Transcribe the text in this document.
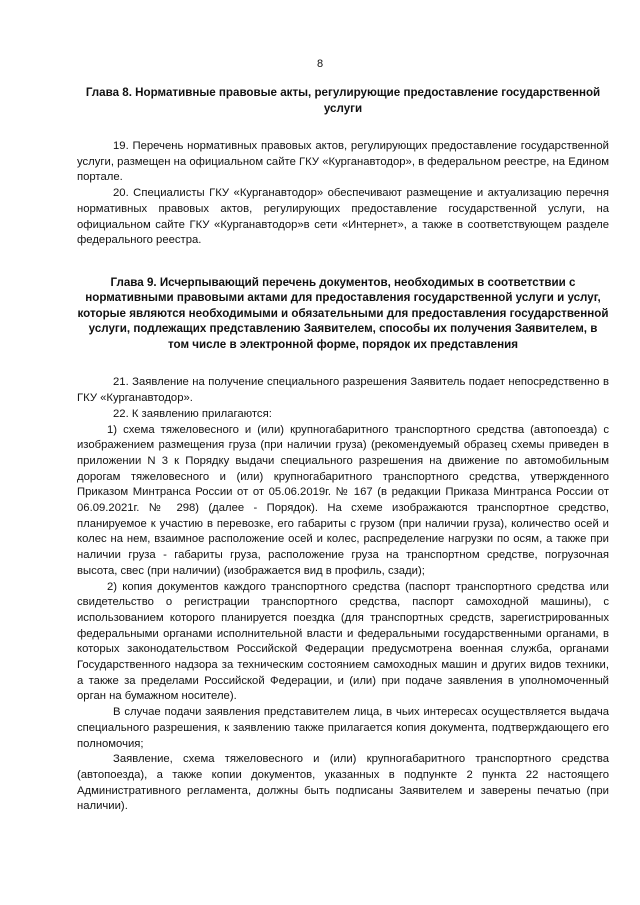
8
Глава 8. Нормативные правовые акты, регулирующие предоставление государственной услуги

19. Перечень нормативных правовых актов, регулирующих предоставление государственной услуги, размещен на официальном сайте ГКУ «Курганавтодор», в федеральном реестре, на Едином портале.

20. Специалисты ГКУ «Курганавтодор» обеспечивают размещение и актуализацию перечня нормативных правовых актов, регулирующих предоставление государственной услуги, на официальном сайте ГКУ «Курганавтодор»в сети «Интернет», а также в соответствующем разделе федерального реестра.

Глава 9. Исчерпывающий перечень документов, необходимых в соответствии с нормативными правовыми актами для предоставления государственной услуги и услуг, которые являются необходимыми и обязательными для предоставления государственной услуги, подлежащих представлению Заявителем, способы их получения Заявителем, в том числе в электронной форме, порядок их представления

21. Заявление на получение специального разрешения Заявитель подает непосредственно в ГКУ «Курганавтодор».

22. К заявлению прилагаются:

1) схема тяжеловесного и (или) крупногабаритного транспортного средства (автопоезда) с изображением размещения груза (при наличии груза) (рекомендуемый образец схемы приведен в приложении N 3 к Порядку выдачи специального разрешения на движение по автомобильным дорогам тяжеловесного и (или) крупногабаритного транспортного средства, утвержденного Приказом Минтранса России от от 05.06.2019г. № 167 (в редакции Приказа Минтранса России от 06.09.2021г. № 298) (далее - Порядок). На схеме изображаются транспортное средство, планируемое к участию в перевозке, его габариты с грузом (при наличии груза), количество осей и колес на нем, взаимное расположение осей и колес, распределение нагрузки по осям, а также при наличии груза - габариты груза, расположение груза на транспортном средстве, погрузочная высота, свес (при наличии) (изображается вид в профиль, сзади);

2) копия документов каждого транспортного средства (паспорт транспортного средства или свидетельство о регистрации транспортного средства, паспорт самоходной машины), с использованием которого планируется поездка (для транспортных средств, зарегистрированных федеральными органами исполнительной власти и федеральными государственными органами, в которых законодательством Российской Федерации предусмотрена военная служба, органами Государственного надзора за техническим состоянием самоходных машин и других видов техники, а также за пределами Российской Федерации, и (или) при подаче заявления в уполномоченный орган на бумажном носителе).

В случае подачи заявления представителем лица, в чьих интересах осуществляется выдача специального разрешения, к заявлению также прилагается копия документа, подтверждающего его полномочия;

Заявление, схема тяжеловесного и (или) крупногабаритного транспортного средства (автопоезда), а также копии документов, указанных в подпункте 2 пункта 22 настоящего Административного регламента, должны быть подписаны Заявителем и заверены печатью (при наличии).
